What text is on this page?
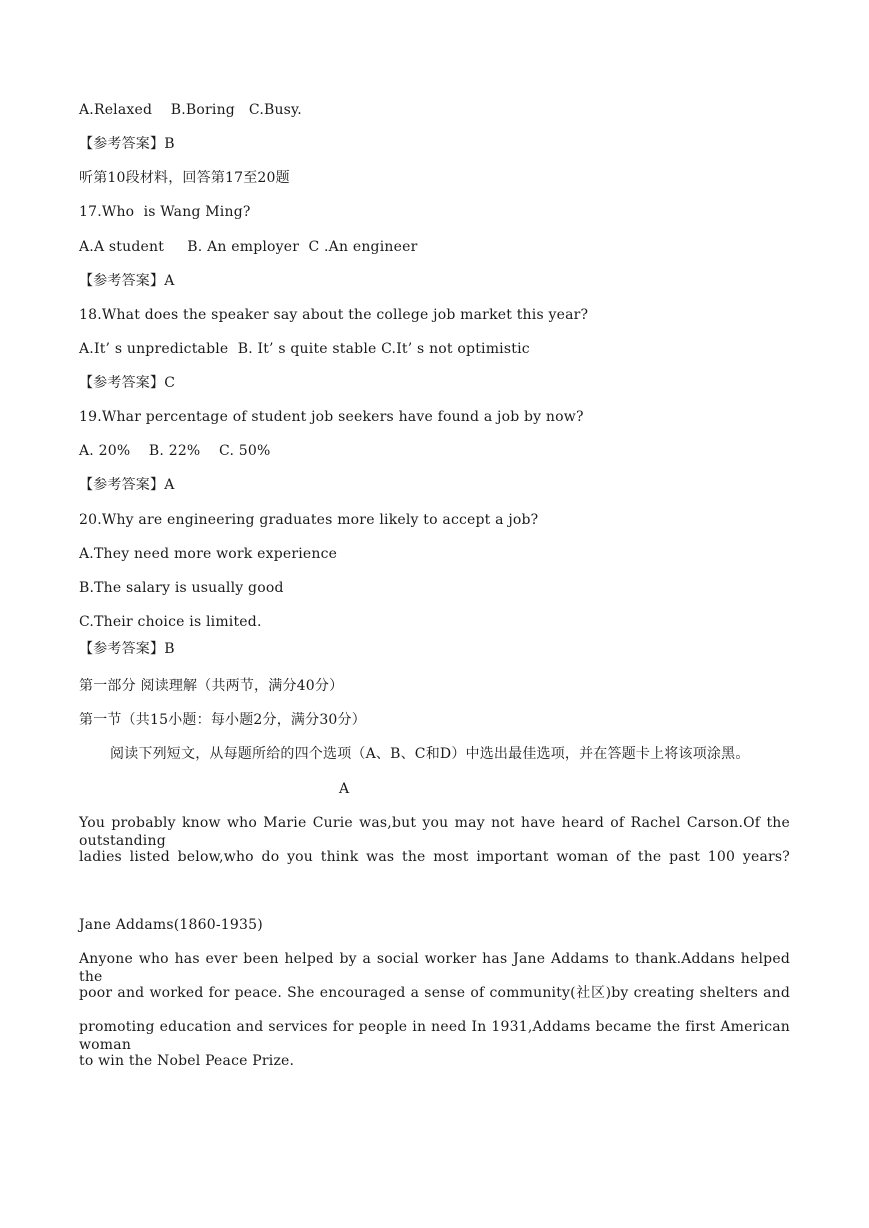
A.Relaxed    B.Boring   C.Busy.
【参考答案】B
听第10段材料，回答第17至20题
17.Who  is Wang Ming?
A.A student     B. An employer  C .An engineer
【参考答案】A
18.What does the speaker say about the college job market this year?
A.It’ s unpredictable  B. It’ s quite stable C.It’ s not optimistic
【参考答案】C
19.Whar percentage of student job seekers have found a job by now?
A. 20%    B. 22%    C. 50%
【参考答案】A
20.Why are engineering graduates more likely to accept a job?
A.They need more work experience
B.The salary is usually good
C.Their choice is limited.
【参考答案】B
第一部分 阅读理解（共两节，满分40分）
第一节（共15小题：每小题2分，满分30分）
阅读下列短文，从每题所给的四个选项（A、B、C和D）中选出最佳选项，并在答题卡上将该项涂黑。
A
You probably know who Marie Curie was,but you may not have heard of Rachel Carson.Of the outstanding
ladies listed below,who do you think was the most important woman of the past 100 years?
Jane Addams(1860-1935)
Anyone who has ever been helped by a social worker has Jane Addams to thank.Addans helped the
poor and worked for peace. She encouraged a sense of community(社区)by creating shelters and
promoting education and services for people in need In 1931,Addams became the first American woman
to win the Nobel Peace Prize.
